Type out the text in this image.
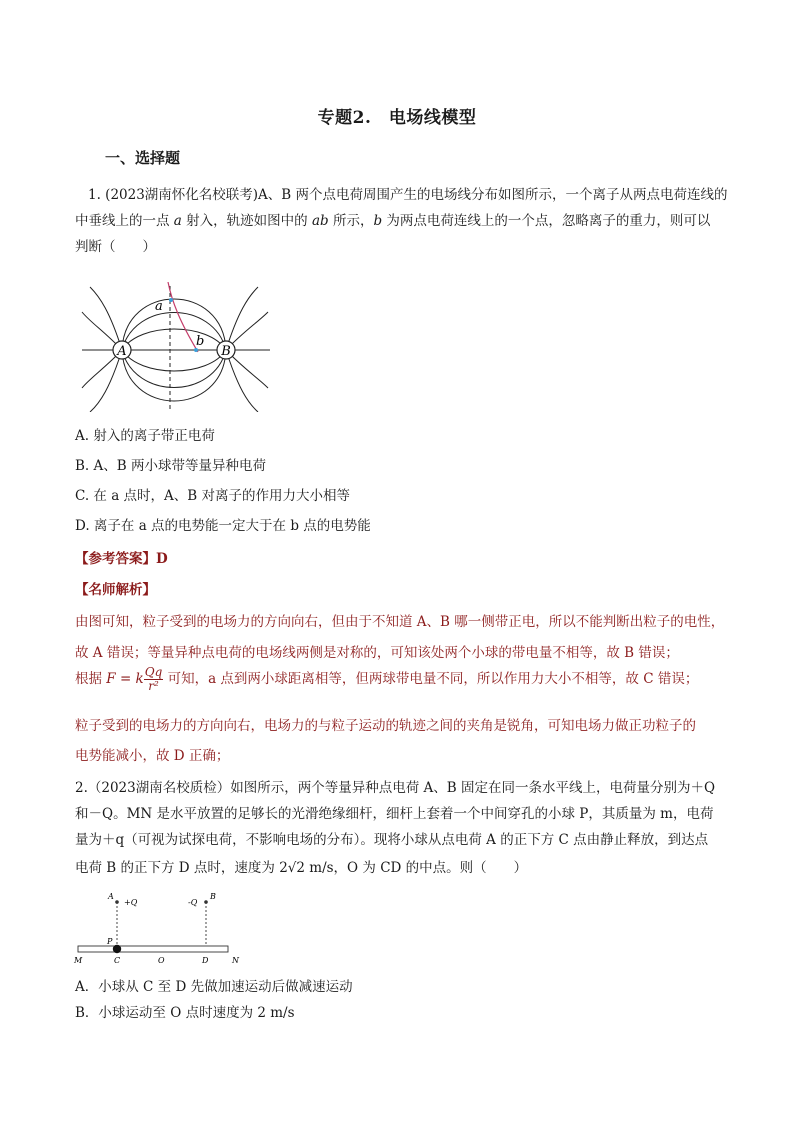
专题2.　电场线模型
一、选择题
1. (2023湖南怀化名校联考)A、B 两个点电荷周围产生的电场线分布如图所示，一个离子从两点电荷连线的
中垂线上的一点 a 射入，轨迹如图中的 ab 所示，b 为两点电荷连线上的一个点，忽略离子的重力，则可以
判断（　　）
A	B
a
b
A. 射入的离子带正电荷
B. A、B 两小球带等量异种电荷
C. 在 a 点时，A、B 对离子的作用力大小相等
D. 离子在 a 点的电势能一定大于在 b 点的电势能
【参考答案】D
【名师解析】
由图可知，粒子受到的电场力的方向向右，但由于不知道 A、B 哪一侧带正电，所以不能判断出粒子的电性，
故 A 错误；等量异种点电荷的电场线两侧是对称的，可知该处两个小球的带电量不相等，故 B 错误；
根据 F = k $\frac{Qq}{\text{r²}}$ 可知，a 点到两小球距离相等，但两球带电量不同，所以作用力大小不相等，故 C 错误；
粒子受到的电场力的方向向右，电场力的与粒子运动的轨迹之间的夹角是锐角，可知电场力做正功粒子的
电势能减小，故 D 正确；
2.（2023湖南名校质检）如图所示，两个等量异种点电荷 A、B 固定在同一条水平线上，电荷量分别为＋Q
和－Q。MN 是水平放置的足够长的光滑绝缘细杆，细杆上套着一个中间穿孔的小球 P，其质量为 m，电荷
量为＋q（可视为试探电荷，不影响电场的分布）。现将小球从点电荷 A 的正下方 C 点由静止释放，到达点
电荷 B 的正下方 D 点时，速度为 2√2 m/s，O 为 CD 的中点。则（　　）
A
+Q	-Q
B
P
M	C	O	D	N
A．小球从 C 至 D 先做加速运动后做减速运动
B．小球运动至 O 点时速度为 2 m/s
